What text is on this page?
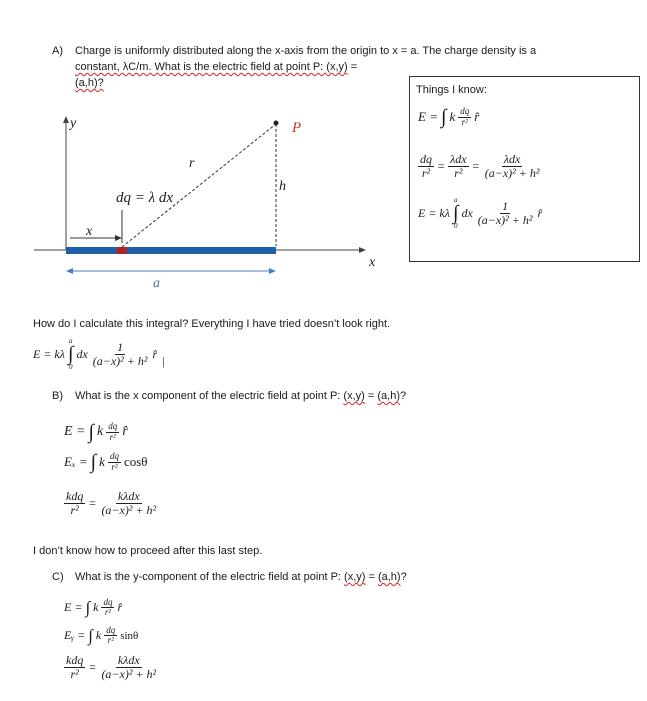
A) Charge is uniformly distributed along the x-axis from the origin to x = a. The charge density is a
constant, λC/m. What is the electric field at point P: (x,y) =
(a,h)?
y
x
P
r
h
dq = λ dx
x
a
Things I know:
E = ∫ k $\frac{dq}{\text{r²}}$ r̂
$\frac{dq}{\text{r²}} = \frac{\text{λdx}}{\text{r²}} = \frac{\text{λdx}}{\text{(a−x)² + h²}}$
E = kλ
a
∫
0
dx $\frac{1}{\text{(a−x)² + h²}}$ r̂
How do I calculate this integral? Everything I have tried doesn’t look right.
E = kλ
a
∫
0
dx $\frac{1}{\text{(a−x)² + h²}}$ r̂ |
B) What is the x component of the electric field at point P: (x,y) = (a,h)?
E = ∫ k $\frac{dq}{\text{r²}}$ r̂
Eₓ = ∫ k $\frac{dq}{\text{r²}}$ cosθ
$\frac{\text{kdq}}{\text{r²}} = \frac{\text{kλdx}}{\text{(a−x)² + h²}}$
I don’t know how to proceed after this last step.
C) What is the y-component of the electric field at point P: (x,y) = (a,h)?
E = ∫ k $\frac{dq}{\text{r²}}$ r̂
Eᵧ = ∫ k $\frac{dq}{\text{r²}}$ sinθ
$\frac{\text{kdq}}{\text{r²}} = \frac{\text{kλdx}}{\text{(a−x)² + h²}}$
